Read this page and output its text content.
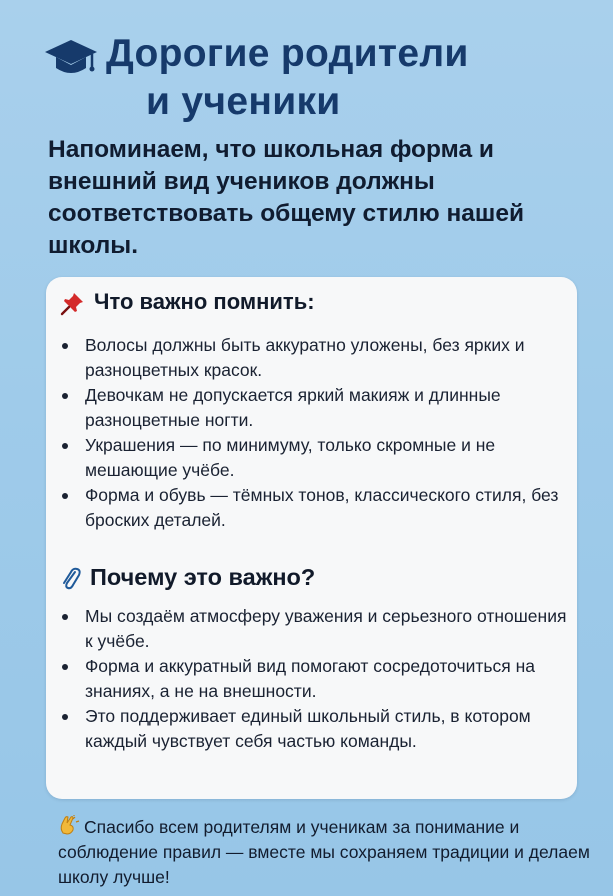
Дорогие родители
и ученики

Напоминаем, что школьная форма и внешний вид учеников должны соответствовать общему стилю нашей школы.

Что важно помнить:
Волосы должны быть аккуратно уложены, без ярких и разноцветных красок.
Девочкам не допускается яркий макияж и длинные разноцветные ногти.
Украшения — по минимуму, только скромные и не мешающие учёбе.
Форма и обувь — тёмных тонов, классического стиля, без броских деталей.
Почему это важно?
Мы создаём атмосферу уважения и серьезного отношения к учёбе.
Форма и аккуратный вид помогают сосредоточиться на знаниях, а не на внешности.
Это поддерживает единый школьный стиль, в котором каждый чувствует себя частью команды.

Спасибо всем родителям и ученикам за понимание и соблюдение правил — вместе мы сохраняем традиции и делаем школу лучше!
